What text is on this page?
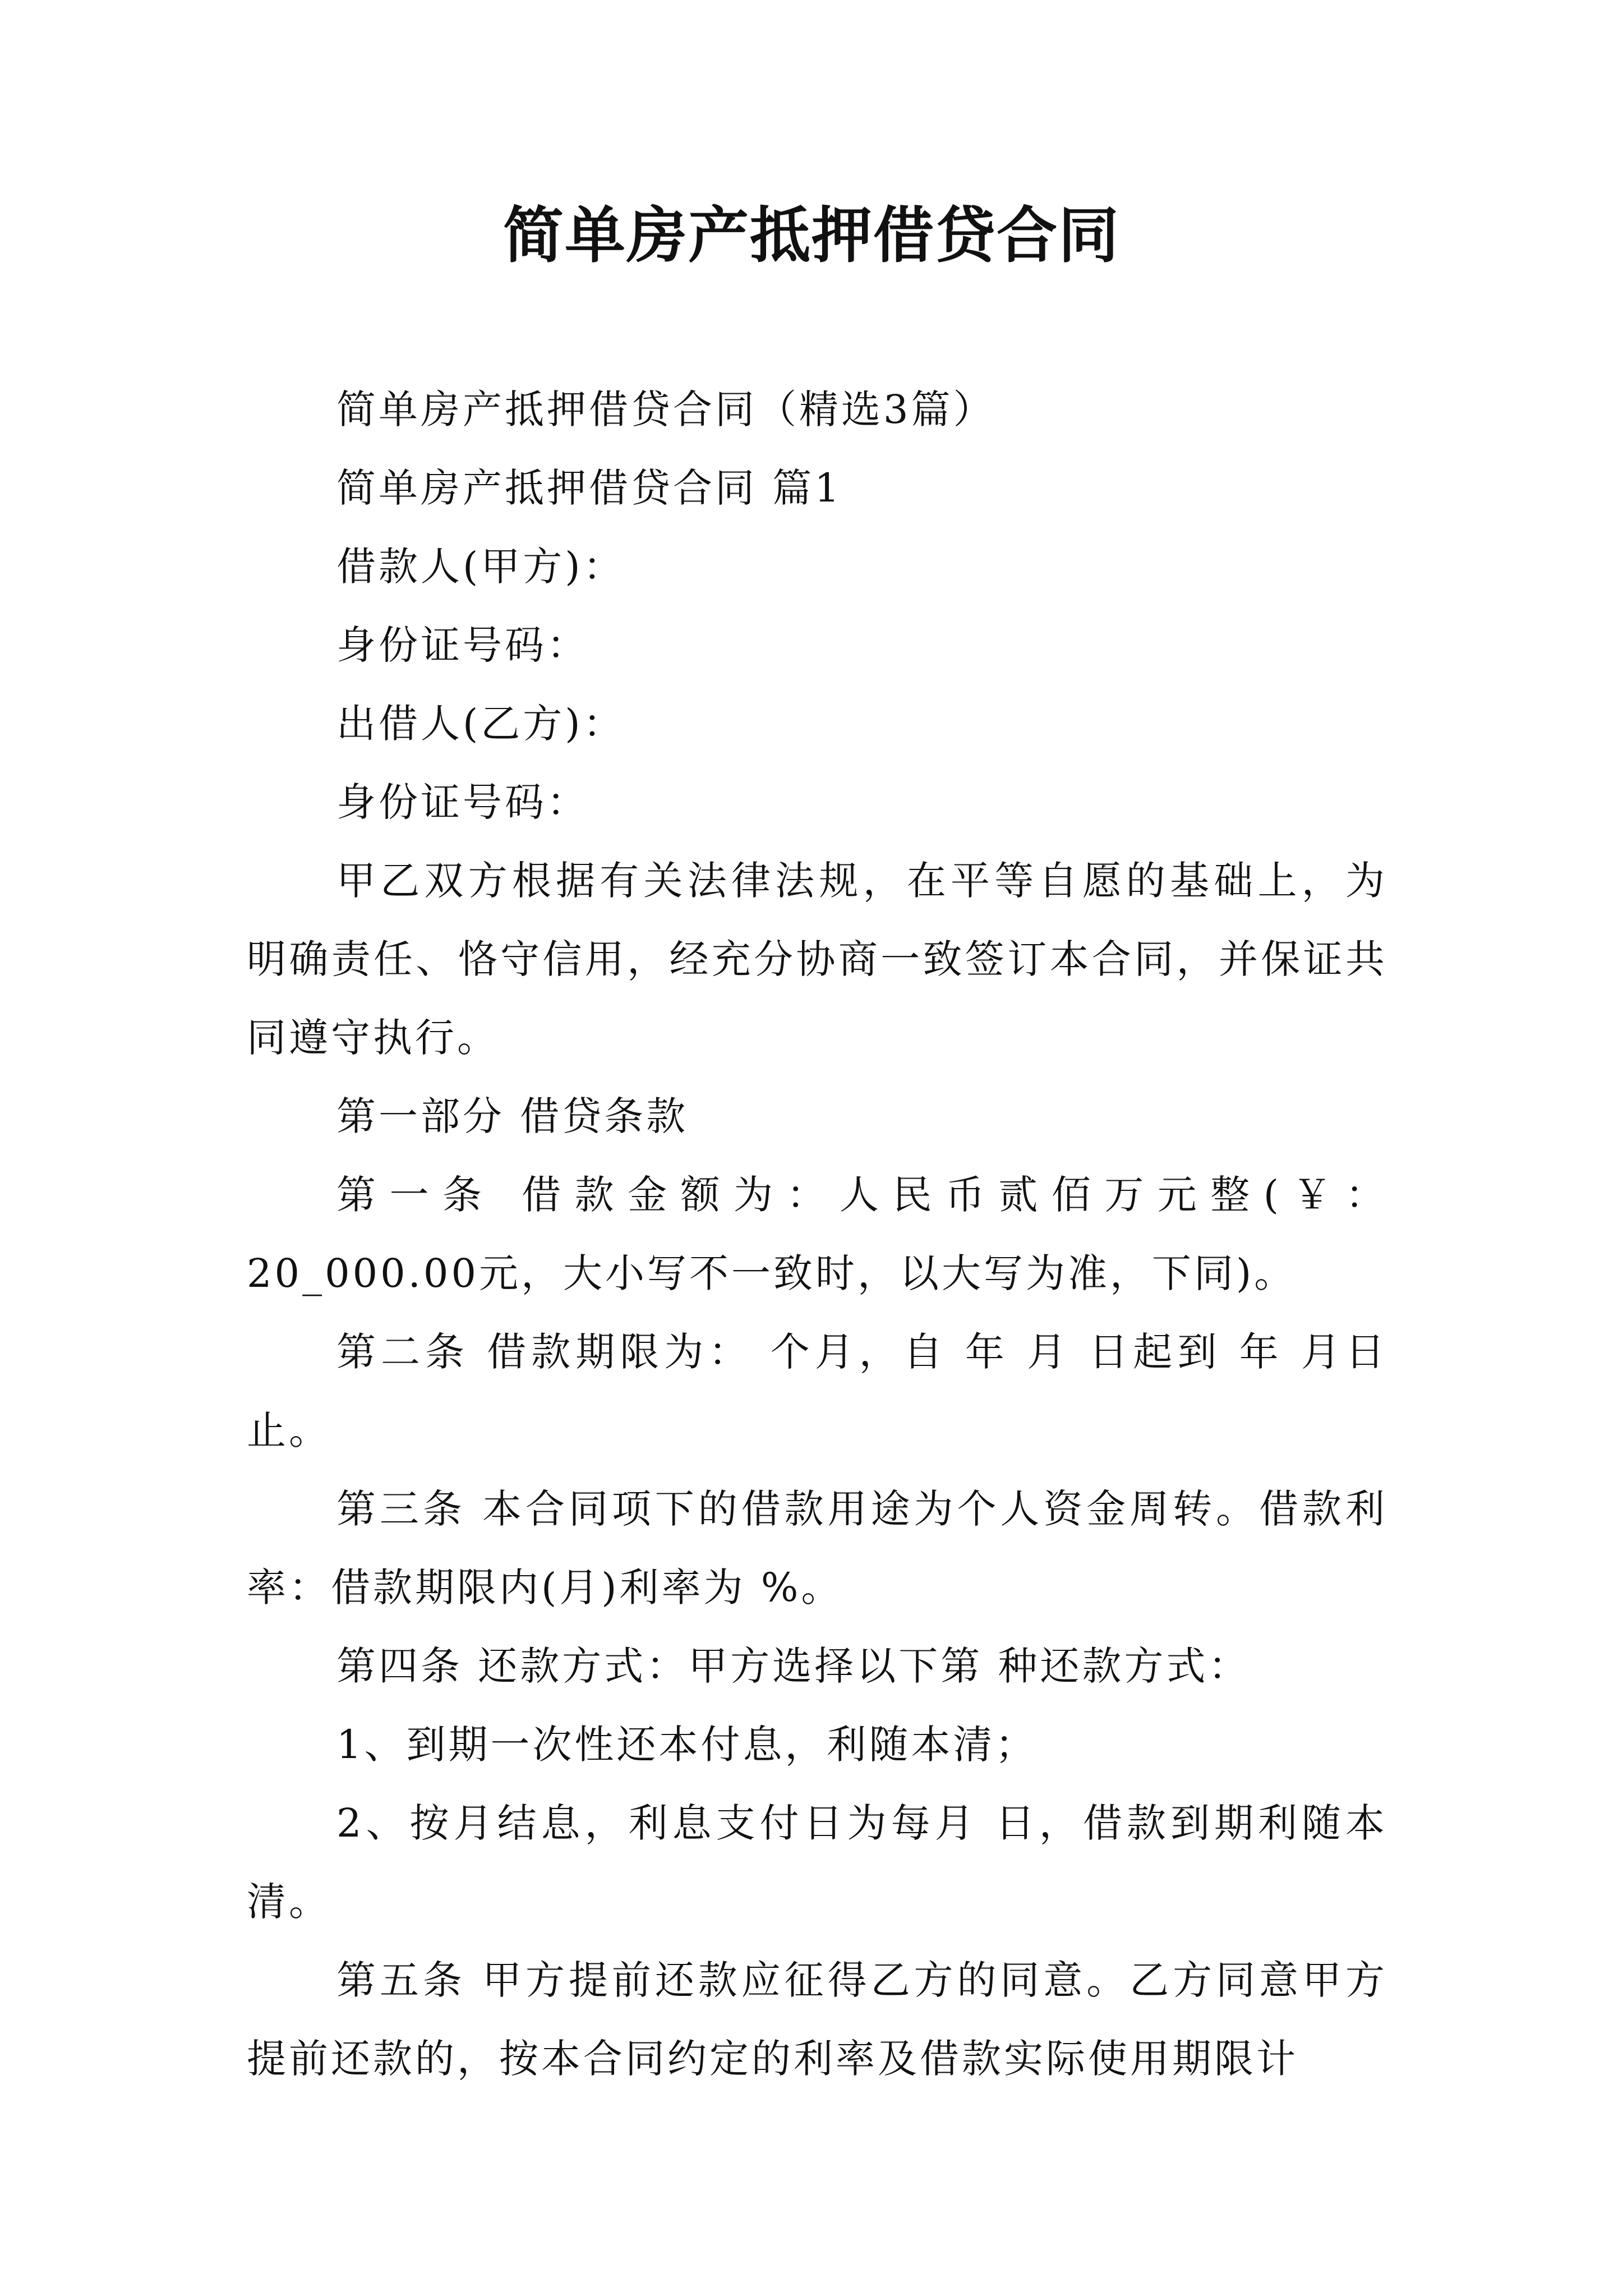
简单房产抵押借贷合同

简单房产抵押借贷合同（精选3篇）

简单房产抵押借贷合同 篇1

借款人(甲方)：

身份证号码：

出借人(乙方)：

身份证号码：

甲乙双方根据有关法律法规，在平等自愿的基础上，为明确责任、恪守信用，经充分协商一致签订本合同，并保证共同遵守执行。

第一部分 借贷条款

第一条 借款金额为：人民币贰佰万元整(￥：20_000.00元，大小写不一致时，以大写为准，下同)。

第二条 借款期限为： 个月，自 年 月 日起到 年 月日止。

第三条 本合同项下的借款用途为个人资金周转。借款利率：借款期限内(月)利率为 %。

第四条 还款方式：甲方选择以下第 种还款方式：

1、到期一次性还本付息，利随本清；

2、按月结息，利息支付日为每月 日，借款到期利随本清。

第五条 甲方提前还款应征得乙方的同意。乙方同意甲方提前还款的，按本合同约定的利率及借款实际使用期限计
